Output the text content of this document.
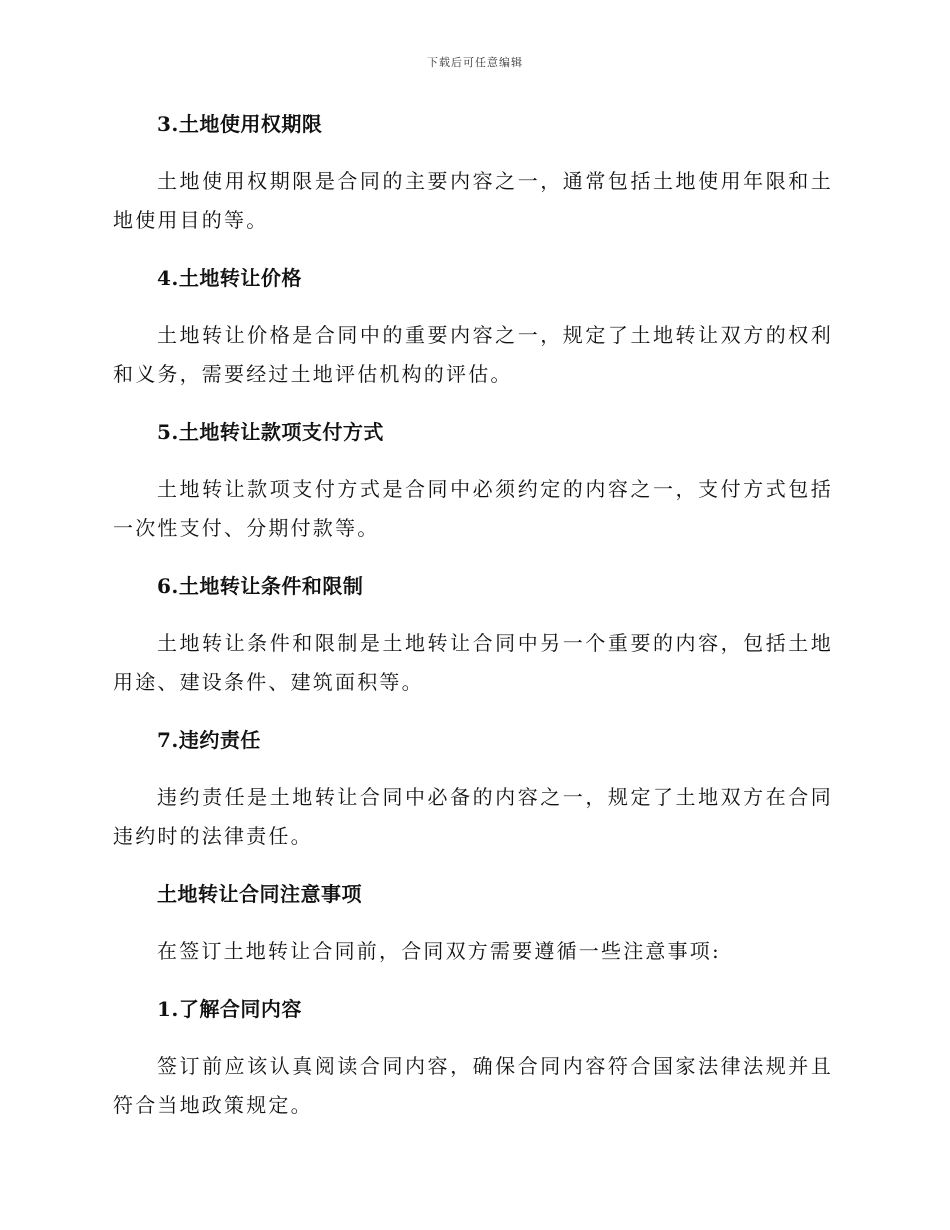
下载后可任意编辑
3.土地使用权期限
土地使用权期限是合同的主要内容之一，通常包括土地使用年限和土地使用目的等。
4.土地转让价格
土地转让价格是合同中的重要内容之一，规定了土地转让双方的权利和义务，需要经过土地评估机构的评估。
5.土地转让款项支付方式
土地转让款项支付方式是合同中必须约定的内容之一，支付方式包括一次性支付、分期付款等。
6.土地转让条件和限制
土地转让条件和限制是土地转让合同中另一个重要的内容，包括土地用途、建设条件、建筑面积等。
7.违约责任
违约责任是土地转让合同中必备的内容之一，规定了土地双方在合同违约时的法律责任。
土地转让合同注意事项
在签订土地转让合同前，合同双方需要遵循一些注意事项:
1.了解合同内容
签订前应该认真阅读合同内容，确保合同内容符合国家法律法规并且符合当地政策规定。
